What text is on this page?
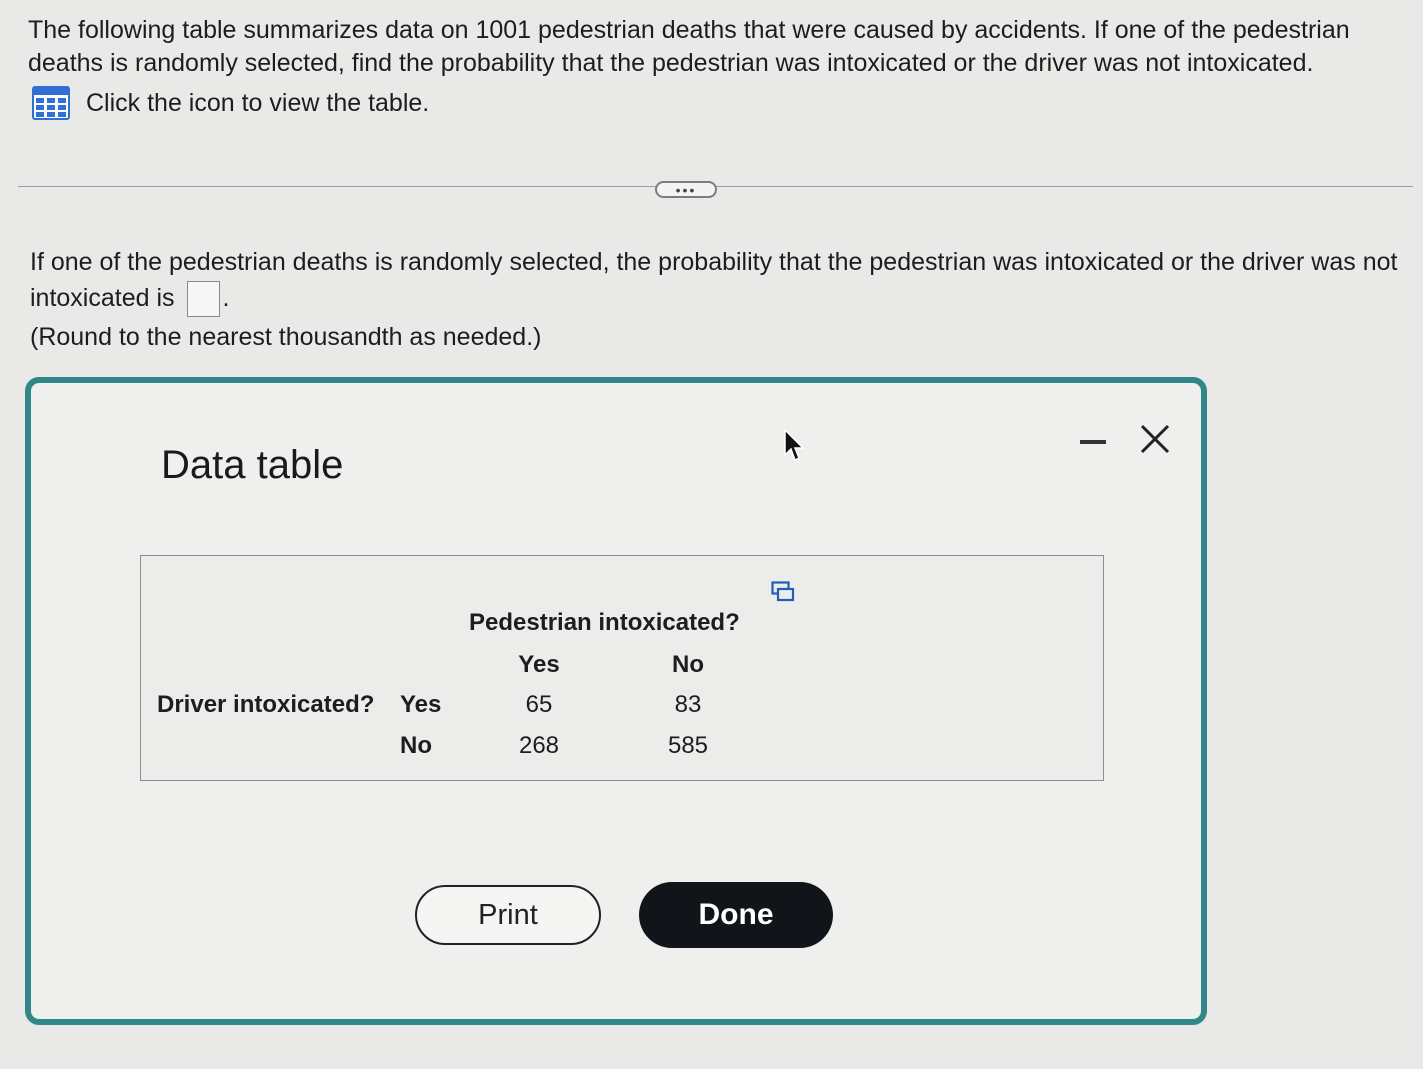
The following table summarizes data on 1001 pedestrian deaths that were caused by accidents. If one of the pedestrian deaths is randomly selected, find the probability that the pedestrian was intoxicated or the driver was not intoxicated.
Click the icon to view the table.
•••
If one of the pedestrian deaths is randomly selected, the probability that the pedestrian was intoxicated or the driver was not intoxicated is .
(Round to the nearest thousandth as needed.)
Data table
Pedestrian intoxicated?
Yes	No
Driver intoxicated? Yes	65	83
No	268	585
Print	Done
